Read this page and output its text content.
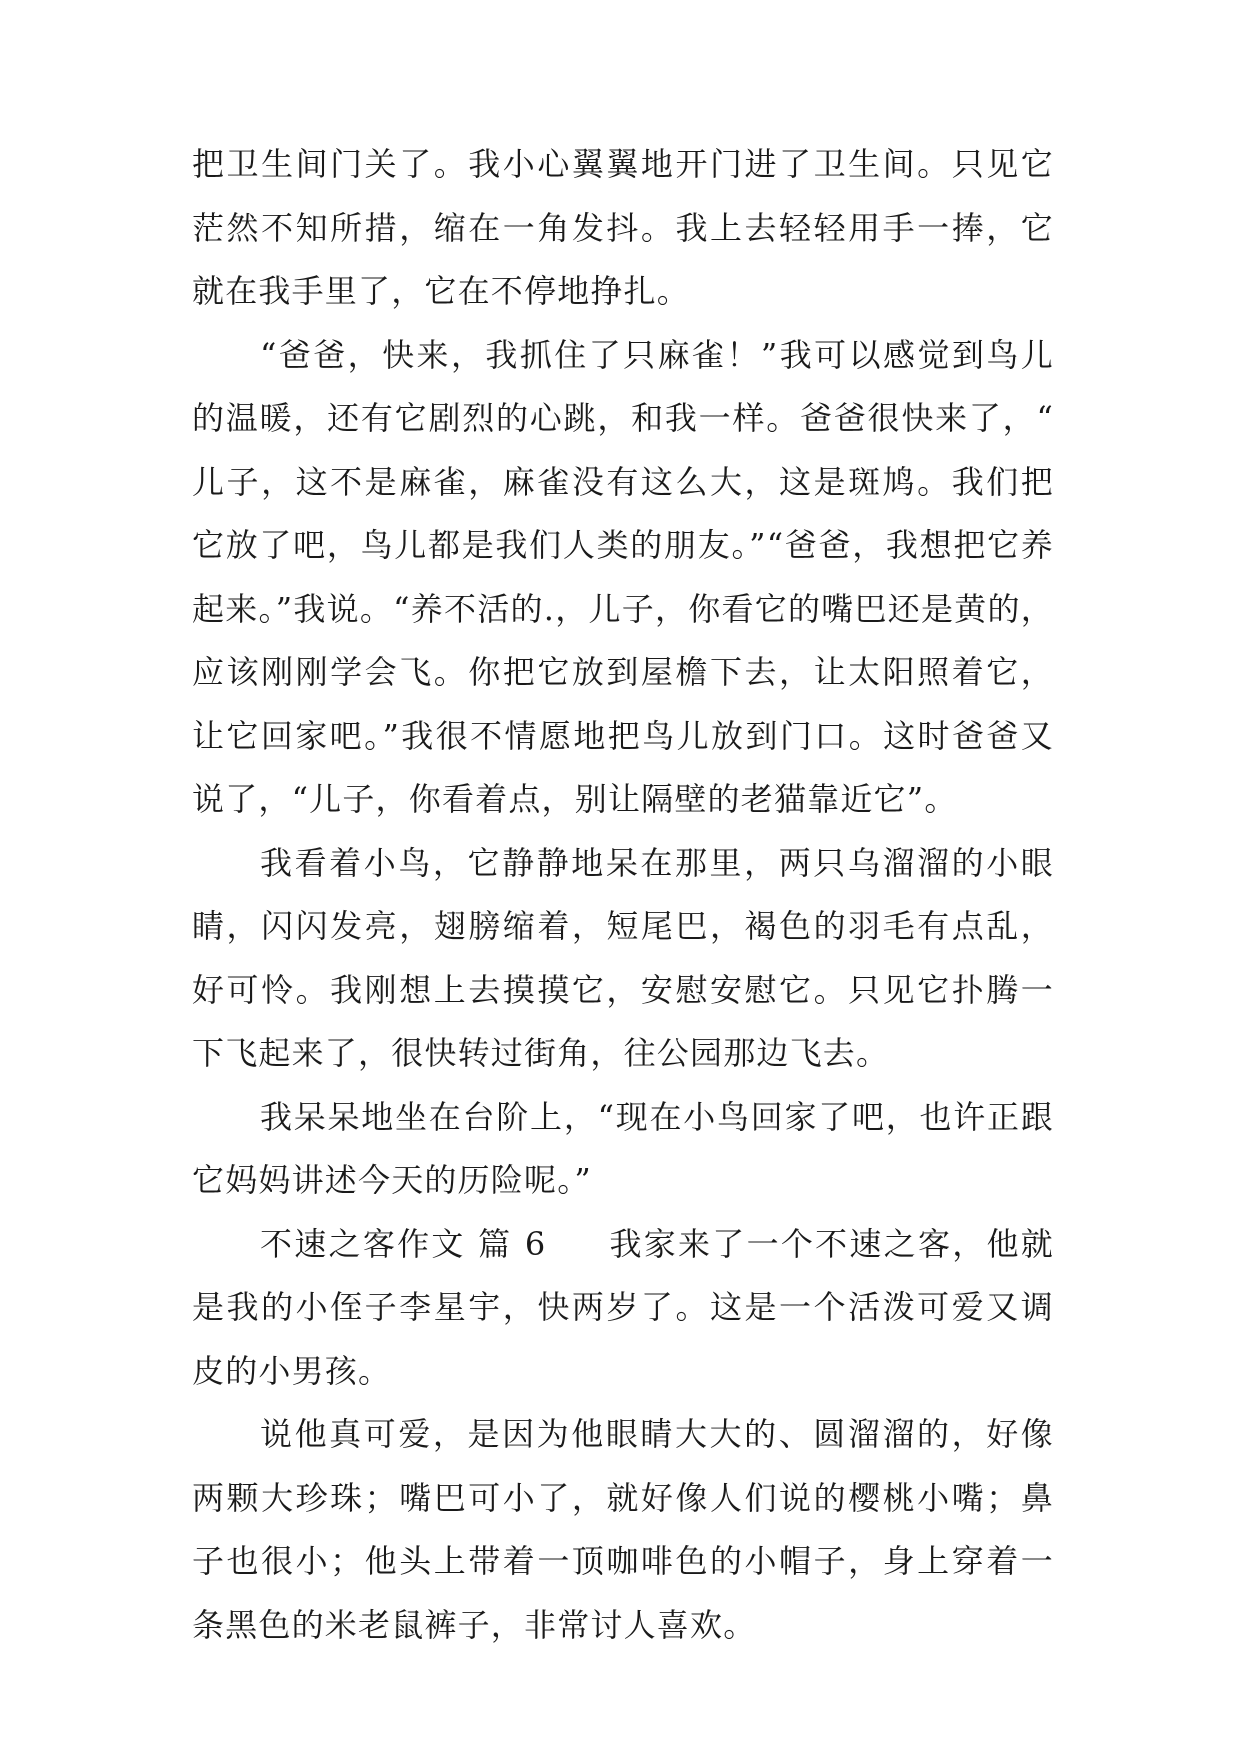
把卫生间门关了。我小心翼翼地开门进了卫生间。只见它茫然不知所措，缩在一角发抖。我上去轻轻用手一捧，它就在我手里了，它在不停地挣扎。

“爸爸，快来，我抓住了只麻雀！”我可以感觉到鸟儿的温暖，还有它剧烈的心跳，和我一样。爸爸很快来了，“儿子，这不是麻雀，麻雀没有这么大，这是斑鸠。我们把它放了吧，鸟儿都是我们人类的朋友。”“爸爸，我想把它养起来。”我说。“养不活的.，儿子，你看它的嘴巴还是黄的，应该刚刚学会飞。你把它放到屋檐下去，让太阳照着它，让它回家吧。”我很不情愿地把鸟儿放到门口。这时爸爸又说了，“儿子，你看着点，别让隔壁的老猫靠近它”。

我看着小鸟，它静静地呆在那里，两只乌溜溜的小眼睛，闪闪发亮，翅膀缩着，短尾巴，褐色的羽毛有点乱，好可怜。我刚想上去摸摸它，安慰安慰它。只见它扑腾一下飞起来了，很快转过街角，往公园那边飞去。

我呆呆地坐在台阶上，“现在小鸟回家了吧，也许正跟它妈妈讲述今天的历险呢。”

不速之客作文 篇 6 我家来了一个不速之客，他就是我的小侄子李星宇，快两岁了。这是一个活泼可爱又调皮的小男孩。

说他真可爱，是因为他眼睛大大的、圆溜溜的，好像两颗大珍珠；嘴巴可小了，就好像人们说的樱桃小嘴；鼻子也很小；他头上带着一顶咖啡色的小帽子，身上穿着一条黑色的米老鼠裤子，非常讨人喜欢。
